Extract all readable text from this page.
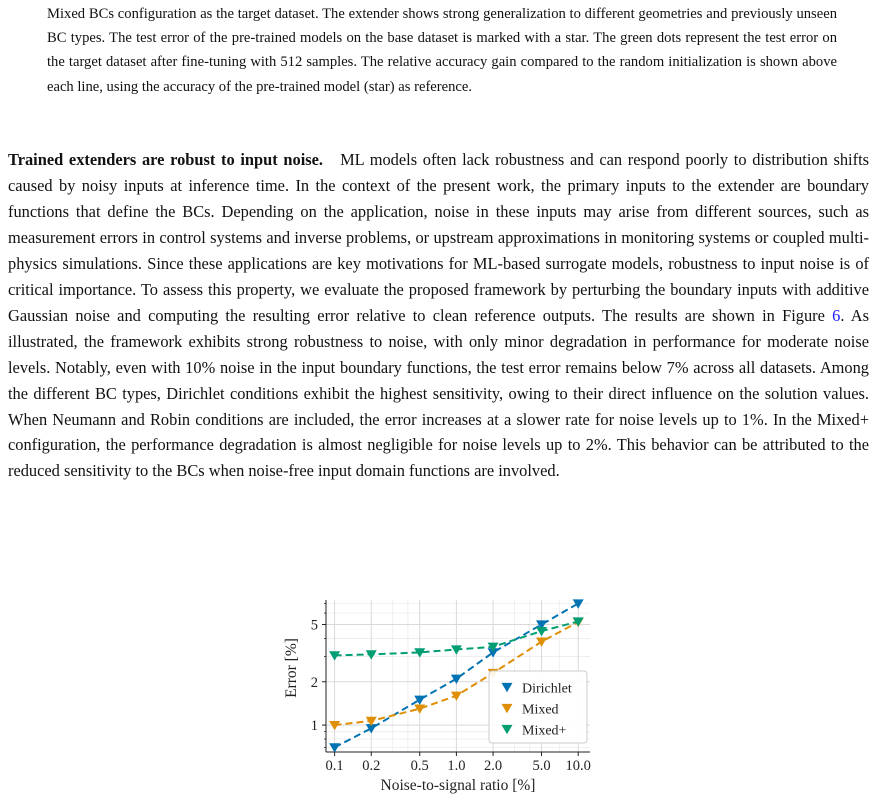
Mixed BCs configuration as the target dataset. The extender shows strong generalization to different geometries and previously unseen BC types. The test error of the pre-trained models on the base dataset is marked with a star. The green dots represent the test error on the target dataset after fine-tuning with 512 samples. The relative accuracy gain compared to the random initialization is shown above each line, using the accuracy of the pre-trained model (star) as reference.

Trained extenders are robust to input noise. ML models often lack robustness and can respond poorly to distribution shifts caused by noisy inputs at inference time. In the context of the present work, the primary inputs to the extender are boundary functions that define the BCs. Depending on the application, noise in these inputs may arise from different sources, such as measurement errors in control systems and inverse problems, or upstream approximations in monitoring systems or coupled multi-physics simulations. Since these applications are key motivations for ML-based surrogate models, robustness to input noise is of critical importance. To assess this property, we evaluate the proposed framework by perturbing the boundary inputs with additive Gaussian noise and computing the resulting error relative to clean reference outputs. The results are shown in Figure 6. As illustrated, the framework exhibits strong robustness to noise, with only minor degradation in performance for moderate noise levels. Notably, even with 10% noise in the input boundary functions, the test error remains below 7% across all datasets. Among the different BC types, Dirichlet conditions exhibit the highest sensitivity, owing to their direct influence on the solution values. When Neumann and Robin conditions are included, the error increases at a slower rate for noise levels up to 1%. In the Mixed+ configuration, the performance degradation is almost negligible for noise levels up to 2%. This behavior can be attributed to the reduced sensitivity to the BCs when noise-free input domain functions are involved.

0.1 0.2 0.5 1.0 2.0 5.0 10.0
1
2
5
Noise-to-signal ratio [%]
Error [%]	Dirichlet
Mixed
Mixed+
